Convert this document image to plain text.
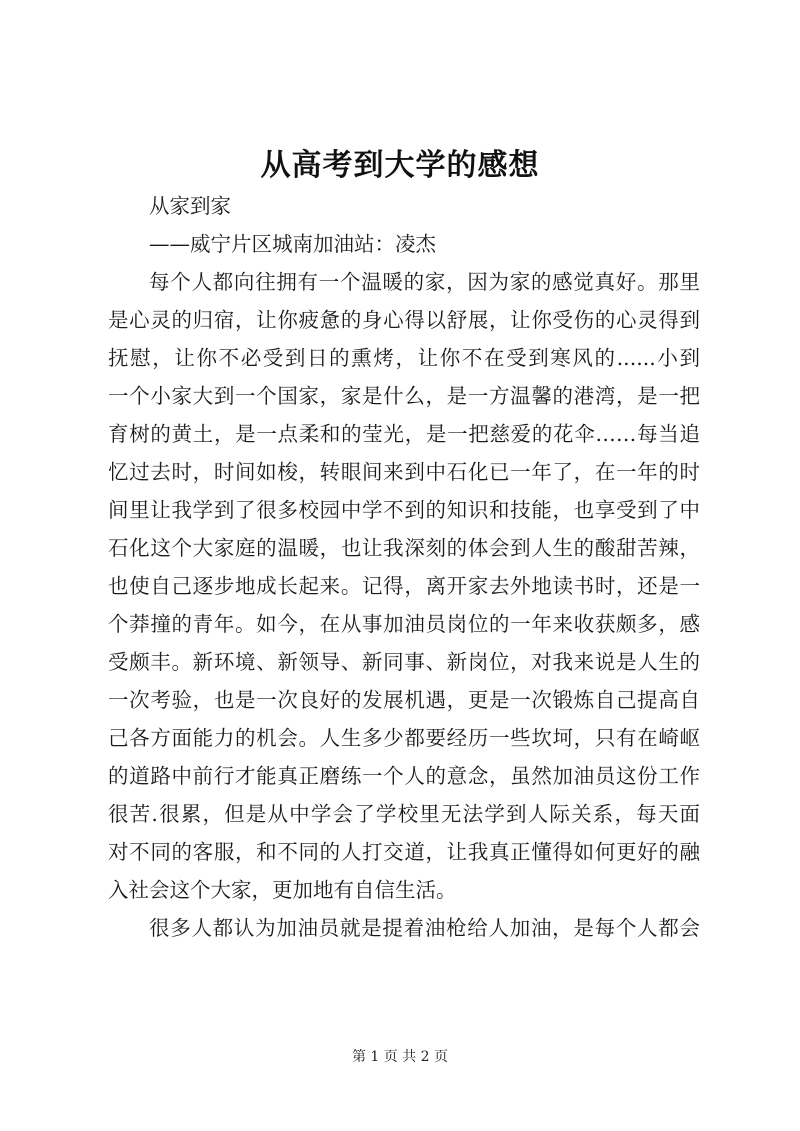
从高考到大学的感想
从家到家
——威宁片区城南加油站：凌杰
每个人都向往拥有一个温暖的家，因为家的感觉真好。那里
是心灵的归宿，让你疲惫的身心得以舒展，让你受伤的心灵得到
抚慰，让你不必受到日的熏烤，让你不在受到寒风的......小到
一个小家大到一个国家，家是什么，是一方温馨的港湾，是一把
育树的黄土，是一点柔和的莹光，是一把慈爱的花伞……每当追
忆过去时，时间如梭，转眼间来到中石化已一年了，在一年的时
间里让我学到了很多校园中学不到的知识和技能，也享受到了中
石化这个大家庭的温暖，也让我深刻的体会到人生的酸甜苦辣，
也使自己逐步地成长起来。记得，离开家去外地读书时，还是一
个莽撞的青年。如今，在从事加油员岗位的一年来收获颇多，感
受颇丰。新环境、新领导、新同事、新岗位，对我来说是人生的
一次考验，也是一次良好的发展机遇，更是一次锻炼自己提高自
己各方面能力的机会。人生多少都要经历一些坎坷，只有在崎岖
的道路中前行才能真正磨练一个人的意念，虽然加油员这份工作
很苦.很累，但是从中学会了学校里无法学到人际关系，每天面
对不同的客服，和不同的人打交道，让我真正懂得如何更好的融
入社会这个大家，更加地有自信生活。
很多人都认为加油员就是提着油枪给人加油，是每个人都会
第 1 页 共 2 页
